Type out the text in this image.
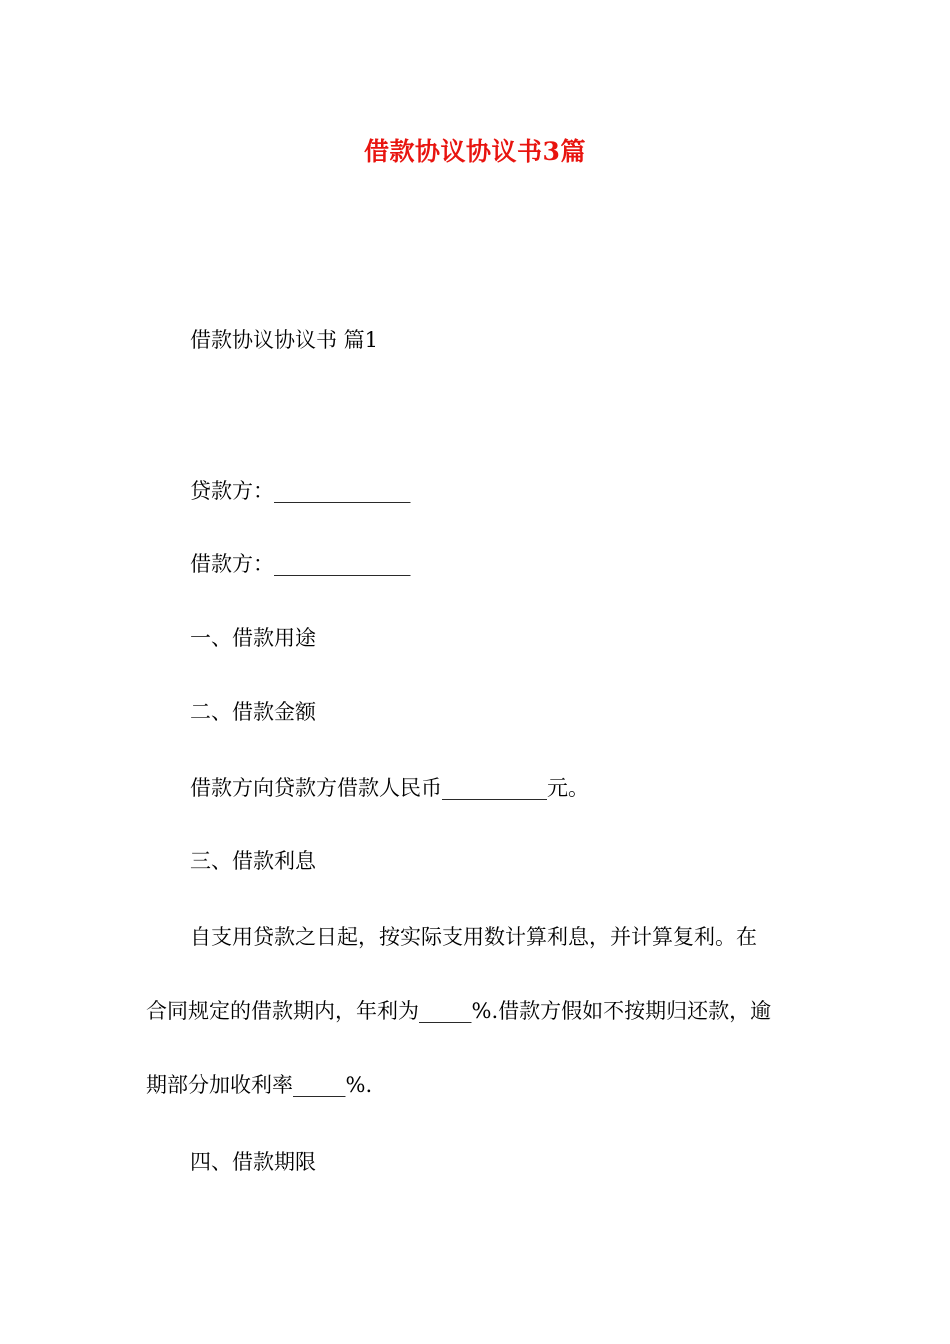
借款协议协议书3篇
借款协议协议书 篇1
贷款方：_____________
借款方：_____________
一、借款用途
二、借款金额
借款方向贷款方借款人民币__________元。
三、借款利息
自支用贷款之日起，按实际支用数计算利息，并计算复利。在
合同规定的借款期内，年利为_____%.借款方假如不按期归还款，逾
期部分加收利率_____%.
四、借款期限
